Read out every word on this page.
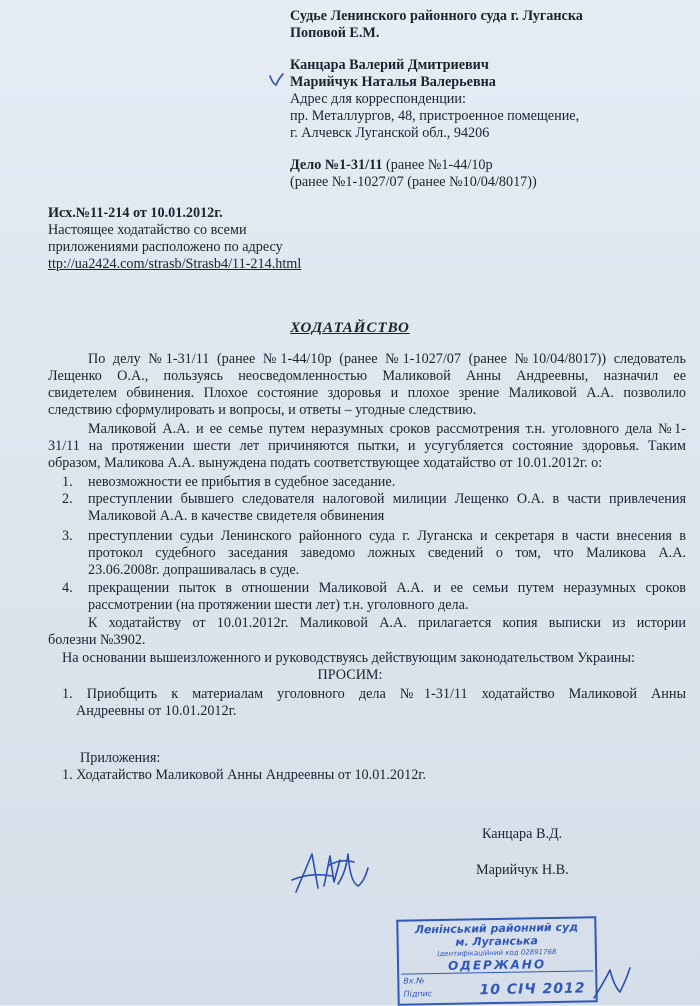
Судье Ленинского районного суда г. Луганска
Поповой Е.М.
Канцара Валерий Дмитриевич
Марийчук Наталья Валерьевна
Адрес для корреспонденции:
пр. Металлургов, 48, пристроенное помещение,
г. Алчевск Луганской обл., 94206
Дело №1-31/11 (ранее №1-44/10р
(ранее №1-1027/07 (ранее №10/04/8017))
Исх.№11-214 от 10.01.2012г.
Настоящее ходатайство со всеми
приложениями расположено по адресу
ttp://ua2424.com/strasb/Strasb4/11-214.html
ХОДАТАЙСТВО
По делу №1-31/11 (ранее №1-44/10р (ранее №1-1027/07 (ранее №10/04/8017)) следователь
Лещенко О.А., пользуясь неосведомленностью Маликовой Анны Андреевны, назначил ее
свидетелем обвинения. Плохое состояние здоровья и плохое зрение Маликовой А.А. позволило
следствию сформулировать и вопросы, и ответы – угодные следствию.
Маликовой А.А. и ее семье путем неразумных сроков рассмотрения т.н. уголовного дела №1-
31/11 на протяжении шести лет причиняются пытки, и усугубляется состояние здоровья. Таким
образом, Маликова А.А. вынуждена подать соответствующее ходатайство от 10.01.2012г. о:
1. невозможности ее прибытия в судебное заседание.
2. преступлении бывшего следователя налоговой милиции Лещенко О.А. в части привлечения
Маликовой А.А. в качестве свидетеля обвинения
3. преступлении судьи Ленинского районного суда г. Луганска и секретаря в части внесения в
протокол судебного заседания заведомо ложных сведений о том, что Маликова А.А.
23.06.2008г. допрашивалась в суде.
4. прекращении пыток в отношении Маликовой А.А. и ее семьи путем неразумных сроков
рассмотрении (на протяжении шести лет) т.н. уголовного дела.
К ходатайству от 10.01.2012г. Маликовой А.А. прилагается копия выписки из истории
болезни №3902.
На основании вышеизложенного и руководствуясь действующим законодательством Украины:
ПРОСИМ:
1. Приобщить к материалам уголовного дела №1-31/11 ходатайство Маликовой Анны
Андреевны от 10.01.2012г.
Приложения:
1. Ходатайство Маликовой Анны Андреевны от 10.01.2012г.
Канцара В.Д.
Марийчук Н.В.
Ленінський районний суд
м. Луганська
Ідентифікаційний код 02891768
ОДЕРЖАНО
Вх.№
Підпис	10 СІЧ 2012
